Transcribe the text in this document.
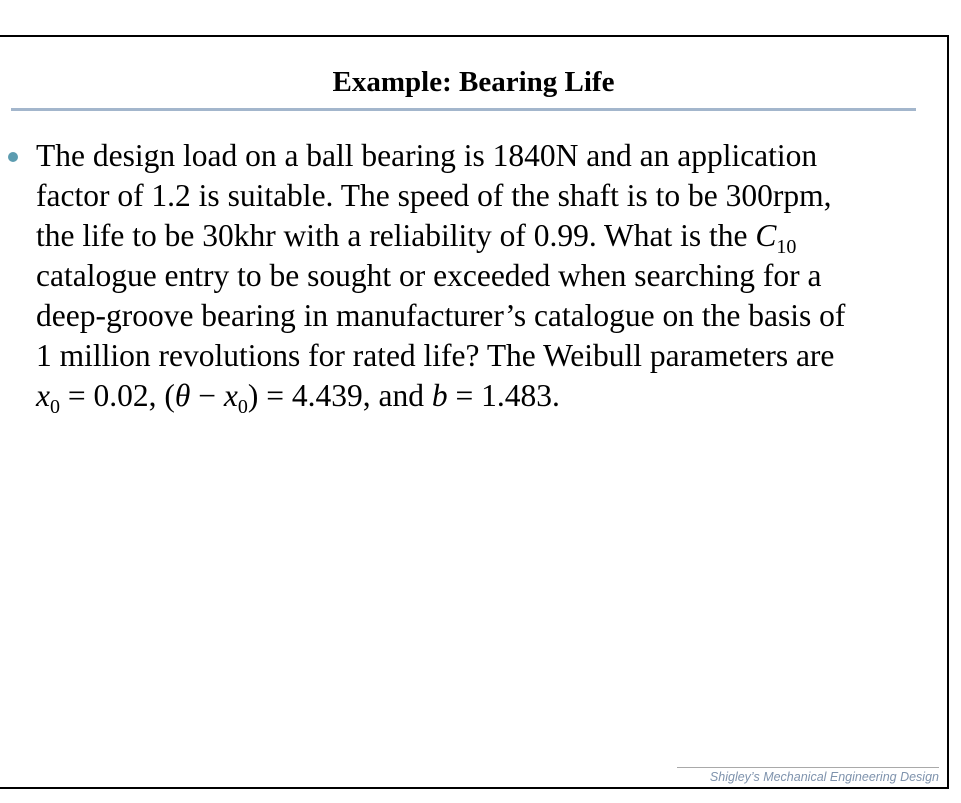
Example: Bearing Life
The design load on a ball bearing is 1840N and an application
factor of 1.2 is suitable. The speed of the shaft is to be 300rpm,
the life to be 30khr with a reliability of 0.99. What is the $C_{10}$
catalogue entry to be sought or exceeded when searching for a
deep-groove bearing in manufacturer’s catalogue on the basis of
1 million revolutions for rated life? The Weibull parameters are
$x_0 = 0.02$, $(\theta - x_0) = 4.439$, and b = 1.483.
Shigley’s Mechanical Engineering Design
